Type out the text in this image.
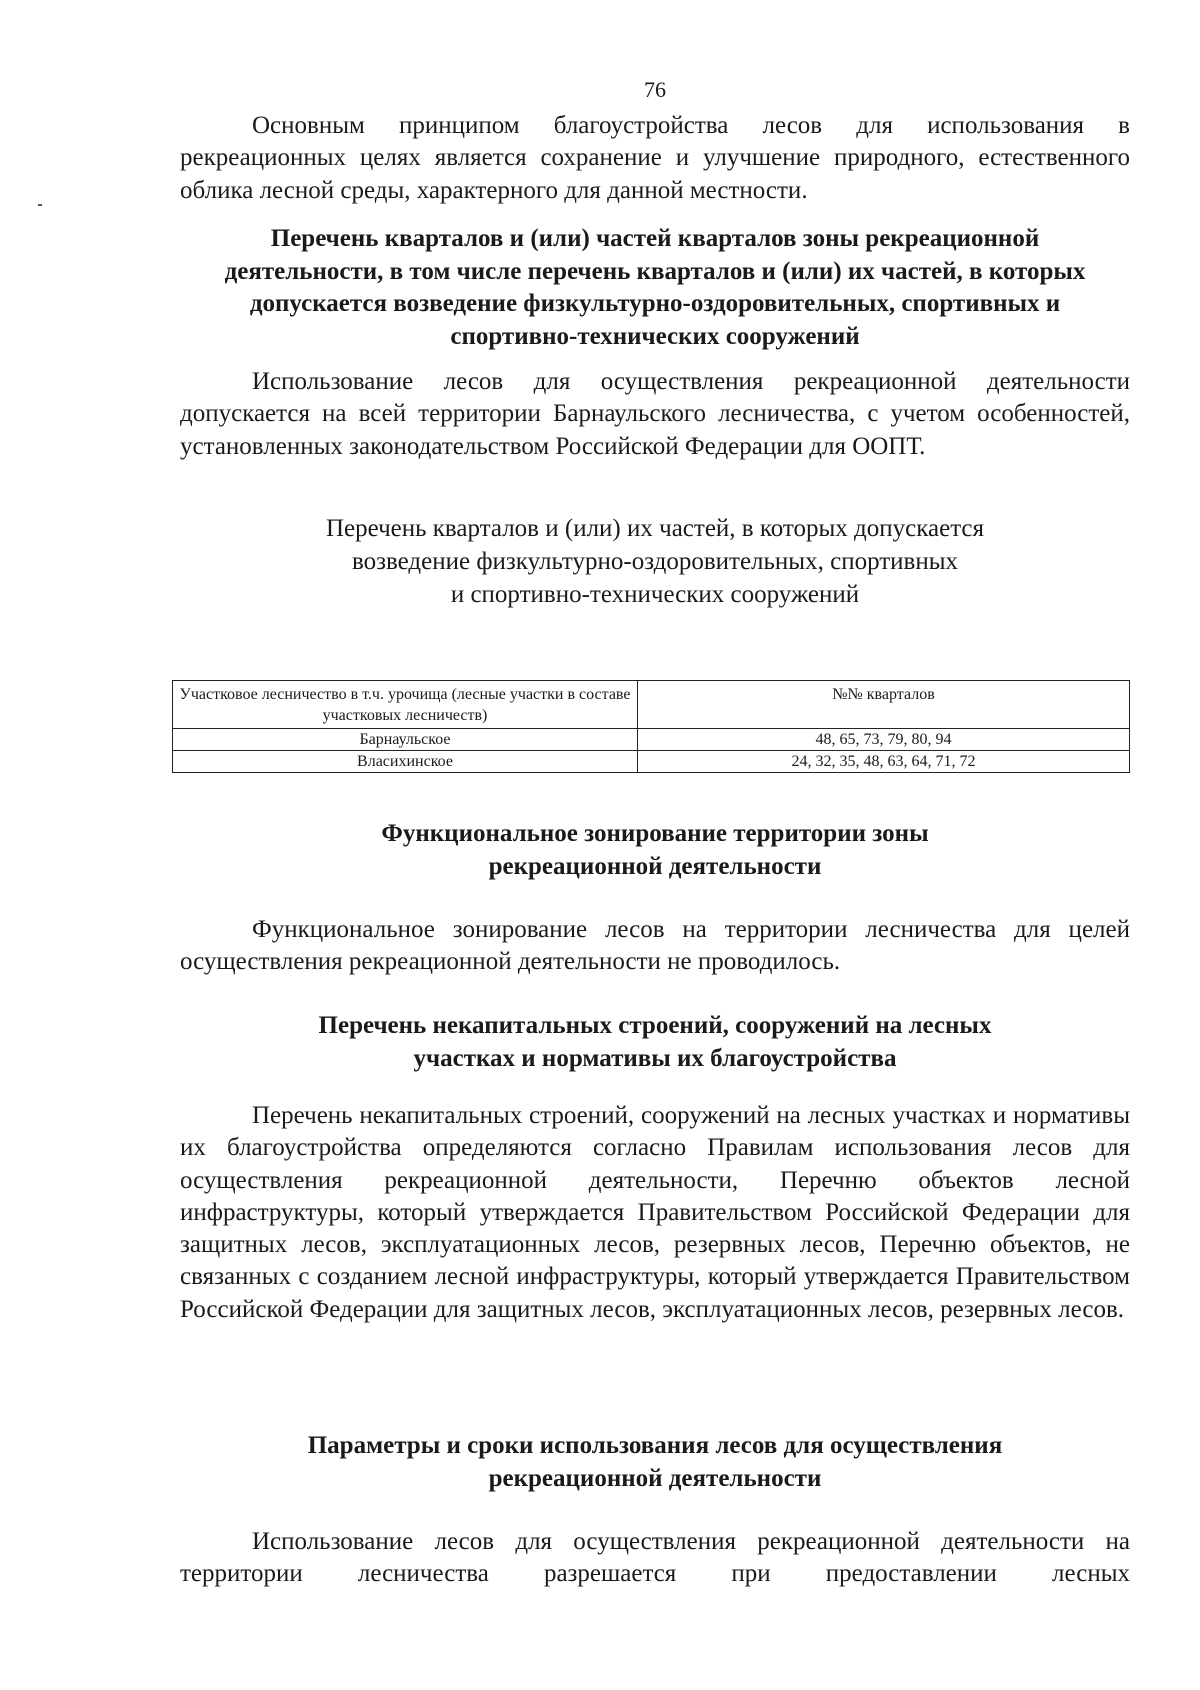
76

Основным принципом благоустройства лесов для использования в рекреационных целях является сохранение и улучшение природного, естественного облика лесной среды, характерного для данной местности.

Перечень кварталов и (или) частей кварталов зоны рекреационной деятельности, в том числе перечень кварталов и (или) их частей, в которых допускается возведение физкультурно-оздоровительных, спортивных и спортивно-технических сооружений

Использование лесов для осуществления рекреационной деятельности допускается на всей территории Барнаульского лесничества, с учетом особенностей, установленных законодательством Российской Федерации для ООПТ.

Перечень кварталов и (или) их частей, в которых допускается
возведение физкультурно-оздоровительных, спортивных
и спортивно-технических сооружений
Участковое лесничество в т.ч. урочища (лесные участки в составе участковых лесничеств)	№№ кварталов
Барнаульское	48, 65, 73, 79, 80, 94
Власихинское	24, 32, 35, 48, 63, 64, 71, 72
Функциональное зонирование территории зоны рекреационной деятельности

Функциональное зонирование лесов на территории лесничества для целей осуществления рекреационной деятельности не проводилось.

Перечень некапитальных строений, сооружений на лесных участках и нормативы их благоустройства

Перечень некапитальных строений, сооружений на лесных участках и нормативы их благоустройства определяются согласно Правилам использования лесов для осуществления рекреационной деятельности, Перечню объектов лесной инфраструктуры, который утверждается Правительством Российской Федерации для защитных лесов, эксплуатационных лесов, резервных лесов, Перечню объектов, не связанных с созданием лесной инфраструктуры, который утверждается Правительством Российской Федерации для защитных лесов, эксплуатационных лесов, резервных лесов.

Параметры и сроки использования лесов для осуществления рекреационной деятельности

Использование лесов для осуществления рекреационной деятельности на территории лесничества разрешается при предоставлении лесных
